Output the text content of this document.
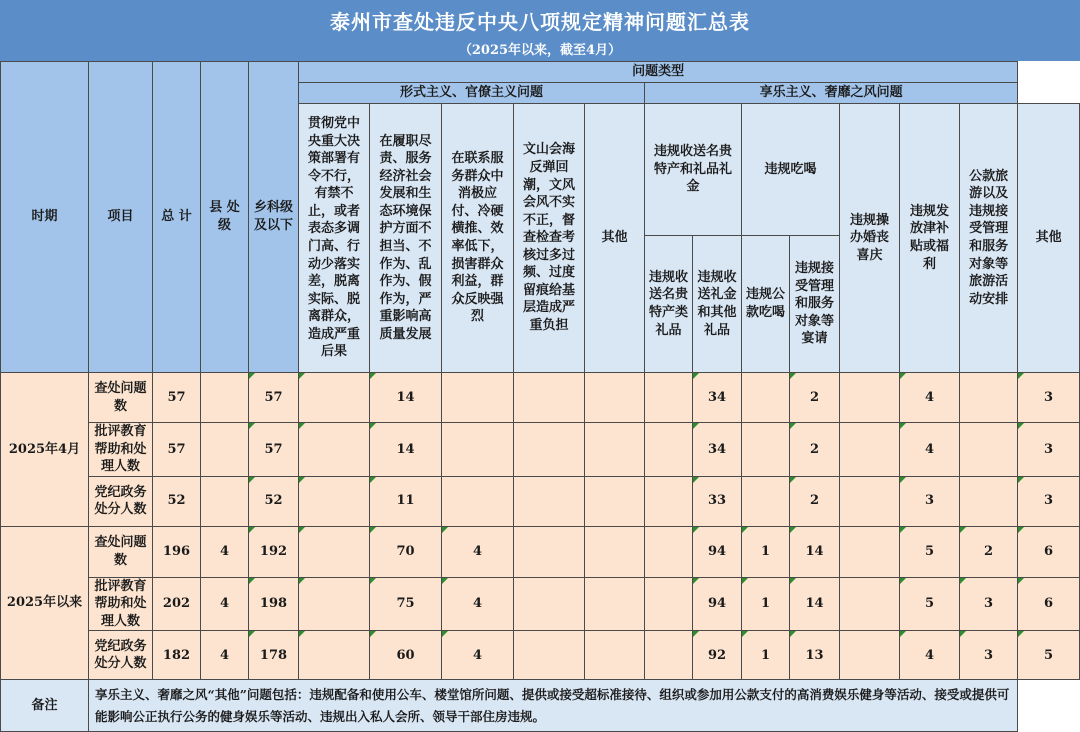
泰州市查处违反中央八项规定精神问题汇总表
（2025年以来，截至4月）
时期	项目	总 计	县 处级	乡科级及以下	问题类型												
					形式主义、官僚主义问题					享乐主义、奢靡之风问题							
					贯彻党中央重大决策部署有令不行，有禁不止，或者表态多调门高、行动少落实差，脱离实际、脱离群众，造成严重后果	在履职尽责、服务经济社会发展和生态环境保护方面不担当、不作为、乱作为、假作为，严重影响高质量发展	在联系服务群众中消极应付、冷硬横推、效率低下，损害群众利益，群众反映强烈	文山会海反弹回潮，文风会风不实不正，督查检查考核过多过频、过度留痕给基层造成严重负担	其他	违规收送名贵特产和礼品礼金		违规吃喝		违规操办婚丧喜庆	违规发放津补贴或福利	公款旅游以及违规接受管理和服务对象等旅游活动安排	其他

										违规收送名贵特产类礼品	违规收送礼金和其他礼品	违规公款吃喝	违规接受管理和服务对象等宴请				
2025年4月	查处问题数	57		57		14					34		2		4		3
	批评教育帮助和处理人数	57		57		14					34		2		4		3
	党纪政务处分人数	52		52		11					33		2		3		3
2025年以来	查处问题数	196	4	192		70	4				94	1	14		5	2	6
	批评教育帮助和处理人数	202	4	198		75	4				94	1	14		5	3	6
	党纪政务处分人数	182	4	178		60	4				92	1	13		4	3	5
备注	享乐主义、奢靡之风“其他”问题包括：违规配备和使用公车、楼堂馆所问题、提供或接受超标准接待、组织或参加用公款支付的高消费娱乐健身等活动、接受或提供可能影响公正执行公务的健身娱乐等活动、违规出入私人会所、领导干部住房违规。																
